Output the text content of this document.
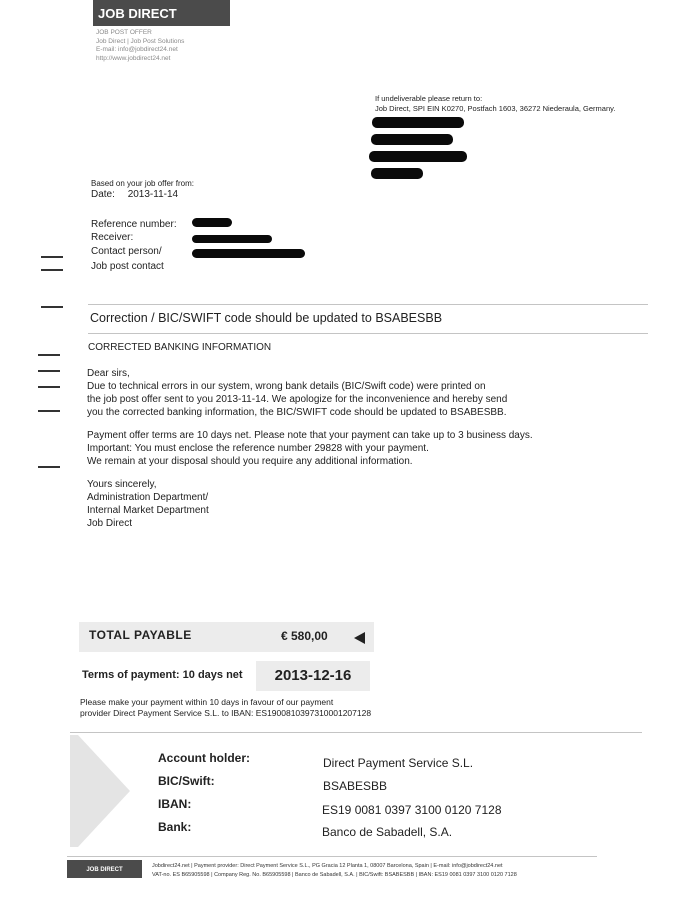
JOB DIRECT
JOB POST OFFER
Job Direct | Job Post Solutions
E-mail: info@jobdirect24.net
http://www.jobdirect24.net
If undeliverable please return to:
Job Direct, SPI EIN K0270, Postfach 1603, 36272 Niederaula, Germany.
Based on your job offer from:
Date: 2013-11-14
Reference number:
Receiver:
Contact person/
Job post contact
Correction / BIC/SWIFT code should be updated to BSABESBB
CORRECTED BANKING INFORMATION
Dear sirs,
Due to technical errors in our system, wrong bank details (BIC/Swift code) were printed on
the job post offer sent to you 2013-11-14. We apologize for the inconvenience and hereby send
you the corrected banking information, the BIC/SWIFT code should be updated to BSABESBB.
Payment offer terms are 10 days net. Please note that your payment can take up to 3 business days.
Important: You must enclose the reference number 29828 with your payment.
We remain at your disposal should you require any additional information.
Yours sincerely,
Administration Department/
Internal Market Department
Job Direct
TOTAL PAYABLE	€ 580,00
Terms of payment: 10 days net	2013-12-16
Please make your payment within 10 days in favour of our payment
provider Direct Payment Service S.L. to IBAN: ES1900810397310001207128
Account holder:	Direct Payment Service S.L.
BIC/Swift:	BSABESBB
IBAN:	ES19 0081 0397 3100 0120 7128
Bank:	Banco de Sabadell, S.A.
JOB DIRECT
Jobdirect24.net | Payment provider: Direct Payment Service S.L., PG Gracia 12 Planta 1, 08007 Barcelona, Spain | E-mail: info@jobdirect24.net
VAT-no. ES B65905598 | Company Reg. No. B65905598 | Banco de Sabadell, S.A. | BIC/Swift: BSABESBB | IBAN: ES19 0081 0397 3100 0120 7128
